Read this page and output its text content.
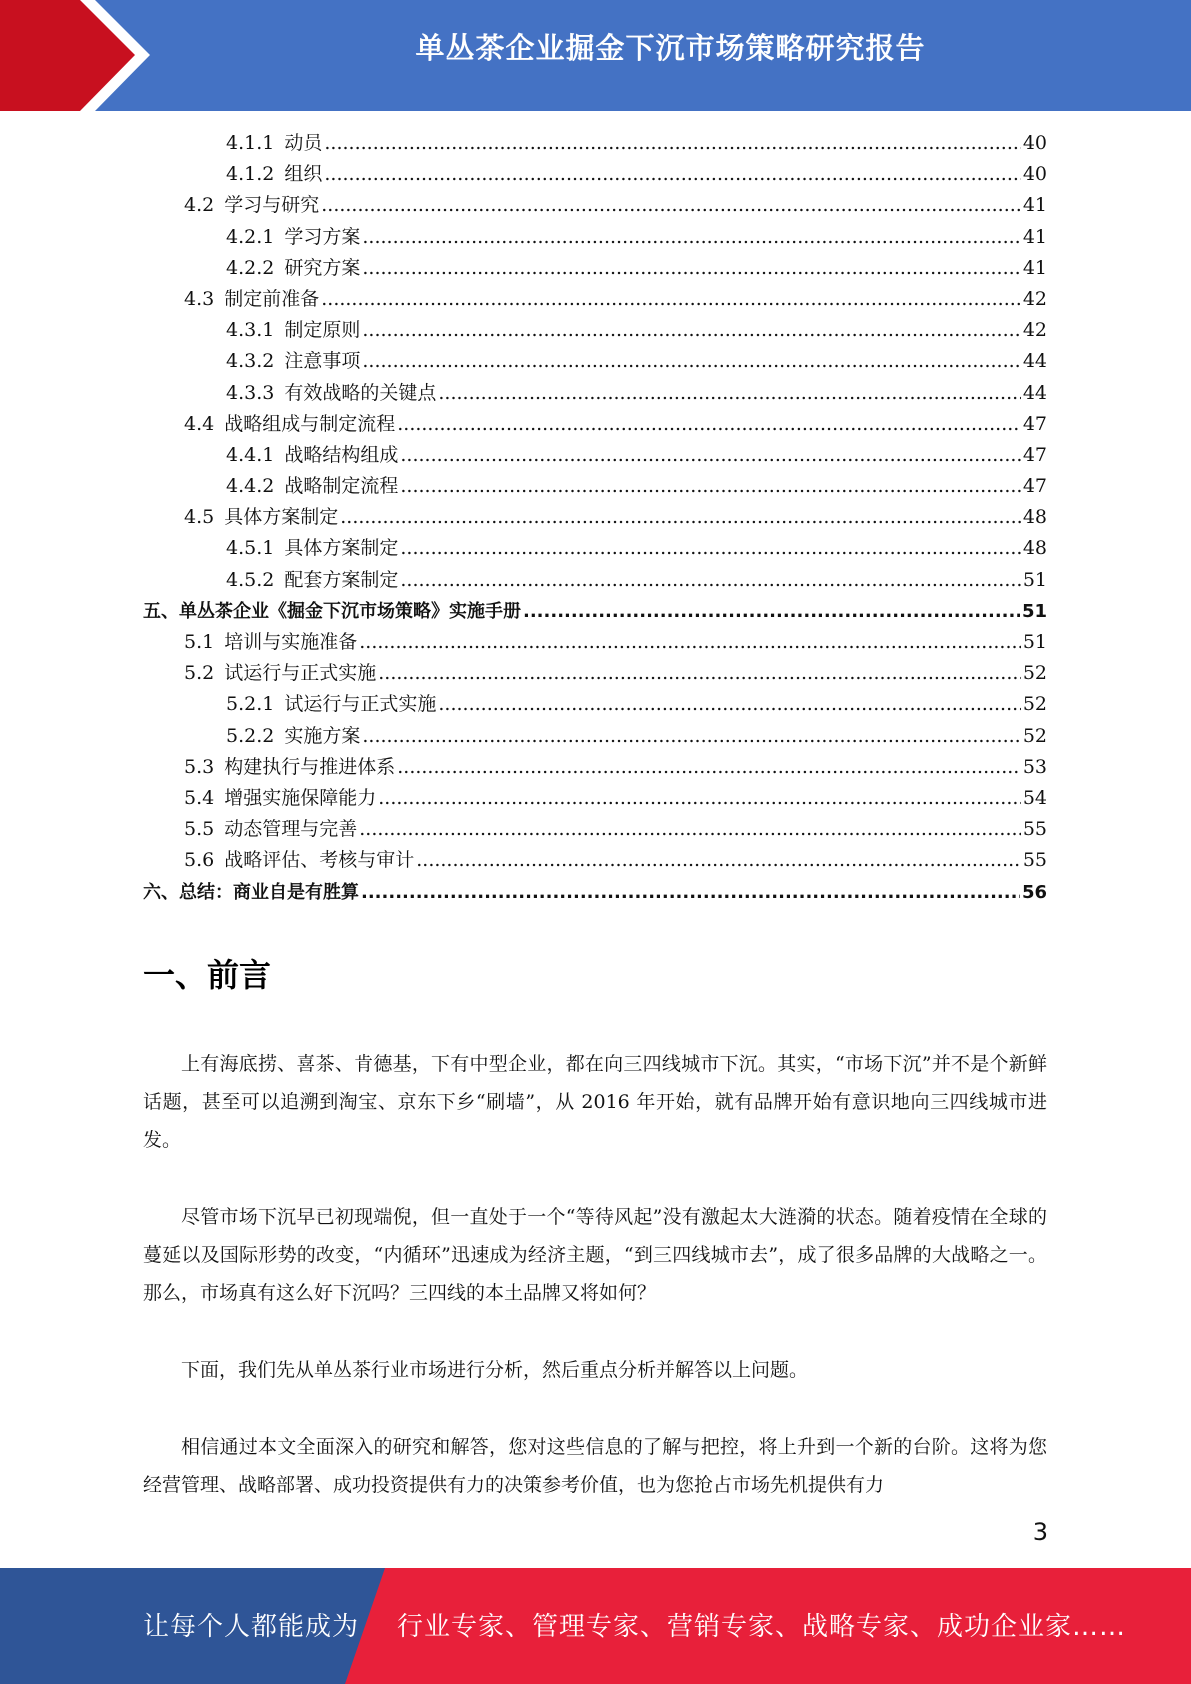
单丛茶企业掘金下沉市场策略研究报告
4.1.1 动员 .....	40
4.1.2 组织 .....	40
4.2 学习与研究 .....	41
4.2.1 学习方案 .....	41
4.2.2 研究方案 .....	41
4.3 制定前准备 .....	42
4.3.1 制定原则 .....	42
4.3.2 注意事项 .....	44
4.3.3 有效战略的关键点 .....	44
4.4 战略组成与制定流程 .....	47
4.4.1 战略结构组成 .....	47
4.4.2 战略制定流程 .....	47
4.5 具体方案制定 .....	48
4.5.1 具体方案制定 .....	48
4.5.2 配套方案制定 .....	51
五、单丛茶企业《掘金下沉市场策略》实施手册 .....	51
5.1 培训与实施准备 .....	51
5.2 试运行与正式实施 .....	52
5.2.1 试运行与正式实施 .....	52
5.2.2 实施方案 .....	52
5.3 构建执行与推进体系 .....	53
5.4 增强实施保障能力 .....	54
5.5 动态管理与完善 .....	55
5.6 战略评估、考核与审计 .....	55
六、总结：商业自是有胜算 .....	56
一、前言

上有海底捞、喜茶、肯德基，下有中型企业，都在向三四线城市下沉。其实，“市场下沉”并不是个新鲜话题，甚至可以追溯到淘宝、京东下乡“刷墙”，从 2016 年开始，就有品牌开始有意识地向三四线城市进发。

尽管市场下沉早已初现端倪，但一直处于一个“等待风起”没有激起太大涟漪的状态。随着疫情在全球的蔓延以及国际形势的改变，“内循环”迅速成为经济主题，“到三四线城市去”，成了很多品牌的大战略之一。那么，市场真有这么好下沉吗？三四线的本土品牌又将如何？

下面，我们先从单丛茶行业市场进行分析，然后重点分析并解答以上问题。

相信通过本文全面深入的研究和解答，您对这些信息的了解与把控，将上升到一个新的台阶。这将为您经营管理、战略部署、成功投资提供有力的决策参考价值，也为您抢占市场先机提供有力

3
让每个人都能成为 行业专家、管理专家、营销专家、战略专家、成功企业家……
